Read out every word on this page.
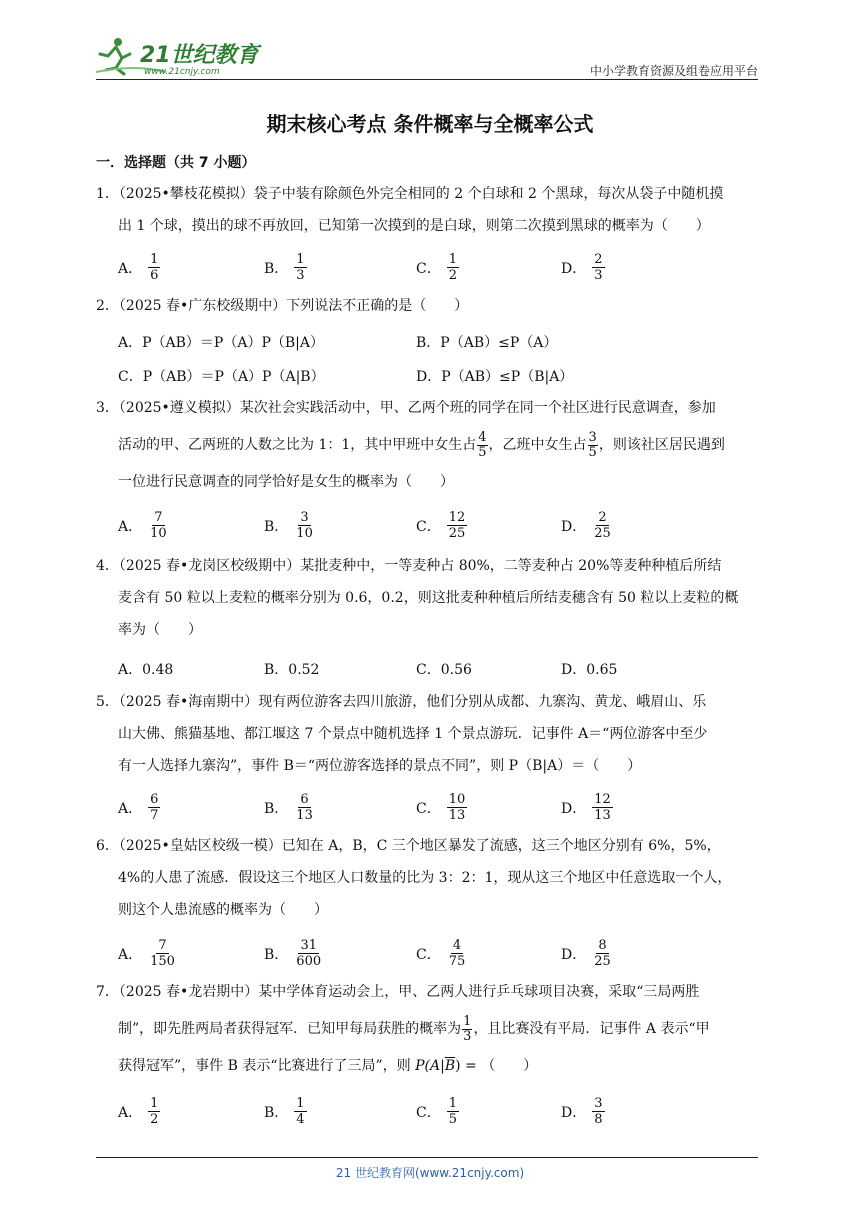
21世纪教育
www.21cnjy.com	中小学教育资源及组卷应用平台
期末核心考点 条件概率与全概率公式
一．选择题（共 7 小题）
1．（2025•攀枝花模拟）袋子中装有除颜色外完全相同的 2 个白球和 2 个黑球，每次从袋子中随机摸
出 1 个球，摸出的球不再放回，已知第一次摸到的是白球，则第二次摸到黑球的概率为（　　）
A． $\frac{1}{6}$	B． $\frac{1}{3}$	C． $\frac{1}{2}$	D． $\frac{2}{3}$
2．（2025 春•广东校级期中）下列说法不正确的是（　　）
A．P（AB）＝P（A）P（B|A）	B．P（AB）≤P（A）
C．P（AB）＝P（A）P（A|B）	D．P（AB）≤P（B|A）
3．（2025•遵义模拟）某次社会实践活动中，甲、乙两个班的同学在同一个社区进行民意调查，参加
活动的甲、乙两班的人数之比为 1：1，其中甲班中女生占 $\frac{4}{5}$ ，乙班中女生占 $\frac{3}{5}$ ，则该社区居民遇到
一位进行民意调查的同学恰好是女生的概率为（　　）
A． $\frac{7}{10}$	B． $\frac{3}{10}$	C． $\frac{12}{25}$	D． $\frac{2}{25}$
4．（2025 春•龙岗区校级期中）某批麦种中，一等麦种占 80%，二等麦种占 20%等麦种种植后所结
麦含有 50 粒以上麦粒的概率分别为 0.6，0.2，则这批麦种种植后所结麦穗含有 50 粒以上麦粒的概
率为（　　）
A．0.48	B．0.52	C．0.56	D．0.65
5．（2025 春•海南期中）现有两位游客去四川旅游，他们分别从成都、九寨沟、黄龙、峨眉山、乐
山大佛、熊猫基地、都江堰这 7 个景点中随机选择 1 个景点游玩．记事件 A＝“两位游客中至少
有一人选择九寨沟”，事件 B＝“两位游客选择的景点不同”，则 P（B|A）＝（　　）
A． $\frac{6}{7}$	B． $\frac{6}{13}$	C． $\frac{10}{13}$	D． $\frac{12}{13}$
6．（2025•皇姑区校级一模）已知在 A，B，C 三个地区暴发了流感，这三个地区分别有 6%，5%，
4%的人患了流感．假设这三个地区人口数量的比为 3：2：1，现从这三个地区中任意选取一个人，
则这个人患流感的概率为（　　）
A． $\frac{7}{150}$	B． $\frac{31}{600}$	C． $\frac{4}{75}$	D． $\frac{8}{25}$
7．（2025 春•龙岩期中）某中学体育运动会上，甲、乙两人进行乒乓球项目决赛，采取“三局两胜
制”，即先胜两局者获得冠军．已知甲每局获胜的概率为 $\frac{1}{3}$ ，且比赛没有平局．记事件 A 表示“甲
获得冠军”，事件 B 表示“比赛进行了三局”，则 $P(A|\overline{B})$ = （　　）
A． $\frac{1}{2}$	B． $\frac{1}{4}$	C． $\frac{1}{5}$	D． $\frac{3}{8}$
21 世纪教育网(www.21cnjy.com)
